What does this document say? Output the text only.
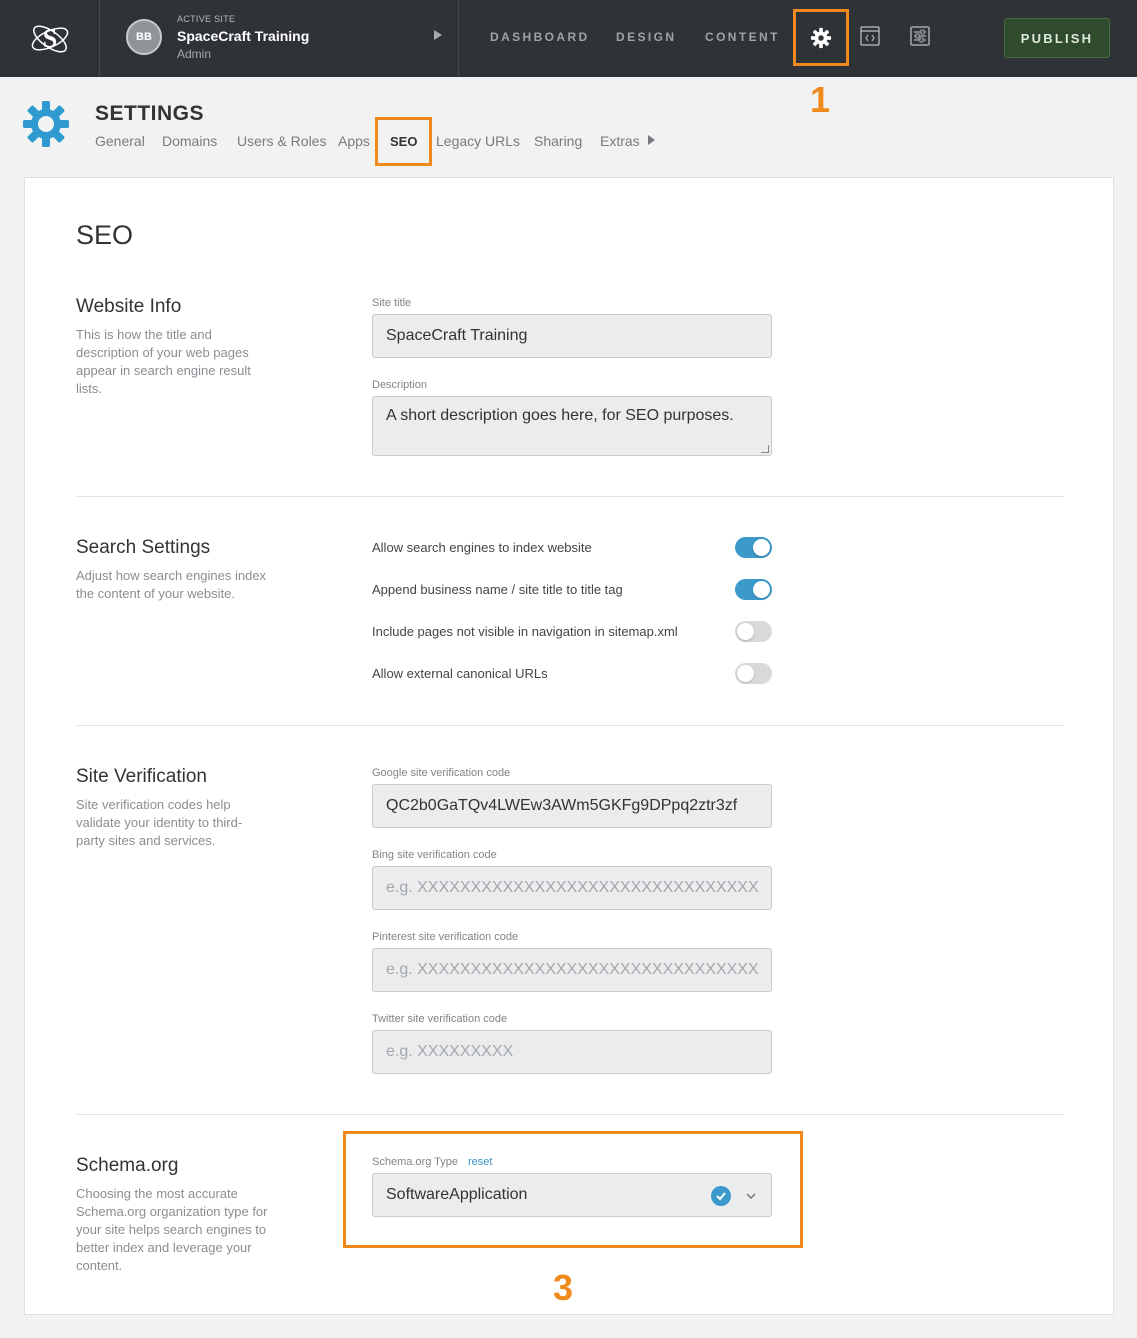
S	BB
ACTIVE SITE
SpaceCraft Training
Admin
DASHBOARD DESIGN CONTENT	PUBLISH
1
SETTINGS
General Domains Users & Roles Apps SEO Legacy URLs Sharing Extras
SEO
Website Info
This is how the title and description of your web pages appear in search engine result lists.
Site title
SpaceCraft Training
Description
A short description goes here, for SEO purposes.
Search Settings
Adjust how search engines index the content of your website.
Allow search engines to index website
Append business name / site title to title tag
Include pages not visible in navigation in sitemap.xml
Allow external canonical URLs
Site Verification
Site verification codes help validate your identity to third-party sites and services.
Google site verification code
QC2b0GaTQv4LWEw3AWm5GKFg9DPpq2ztr3zf
Bing site verification code
e.g. XXXXXXXXXXXXXXXXXXXXXXXXXXXXXXXX
Pinterest site verification code
e.g. XXXXXXXXXXXXXXXXXXXXXXXXXXXXXXXX
Twitter site verification code
e.g. XXXXXXXXX
Schema.org
Choosing the most accurate Schema.org organization type for your site helps search engines to better index and leverage your content.
Schema.org Type reset
SoftwareApplication
3
